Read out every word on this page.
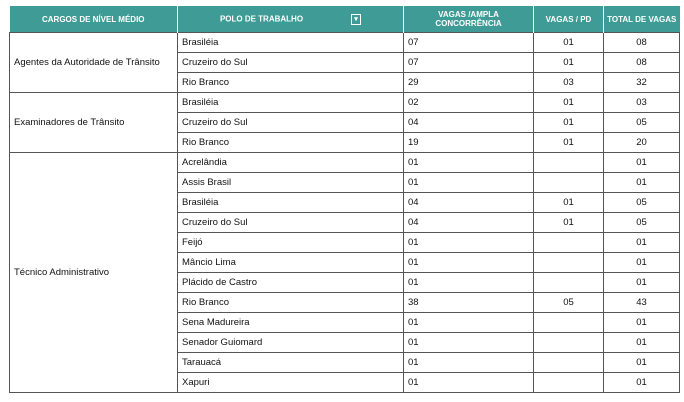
CARGOS DE NÍVEL MÉDIO	POLO DE TRABALHO ▾	VAGAS /AMPLA CONCORRÊNCIA	VAGAS / PD	TOTAL DE VAGAS
Agentes da Autoridade de Trânsito	Brasiléia	07	01	08
	Cruzeiro do Sul	07	01	08
	Rio Branco	29	03	32
Examinadores de Trânsito	Brasiléia	02	01	03
	Cruzeiro do Sul	04	01	05
	Rio Branco	19	01	20
Técnico Administrativo	Acrelândia	01		01
	Assis Brasil	01		01
	Brasiléia	04	01	05
	Cruzeiro do Sul	04	01	05
	Feijó	01		01
	Mâncio Lima	01		01
	Plácido de Castro	01		01
	Rio Branco	38	05	43
	Sena Madureira	01		01
	Senador Guiomard	01		01
	Tarauacá	01		01
	Xapuri	01		01
